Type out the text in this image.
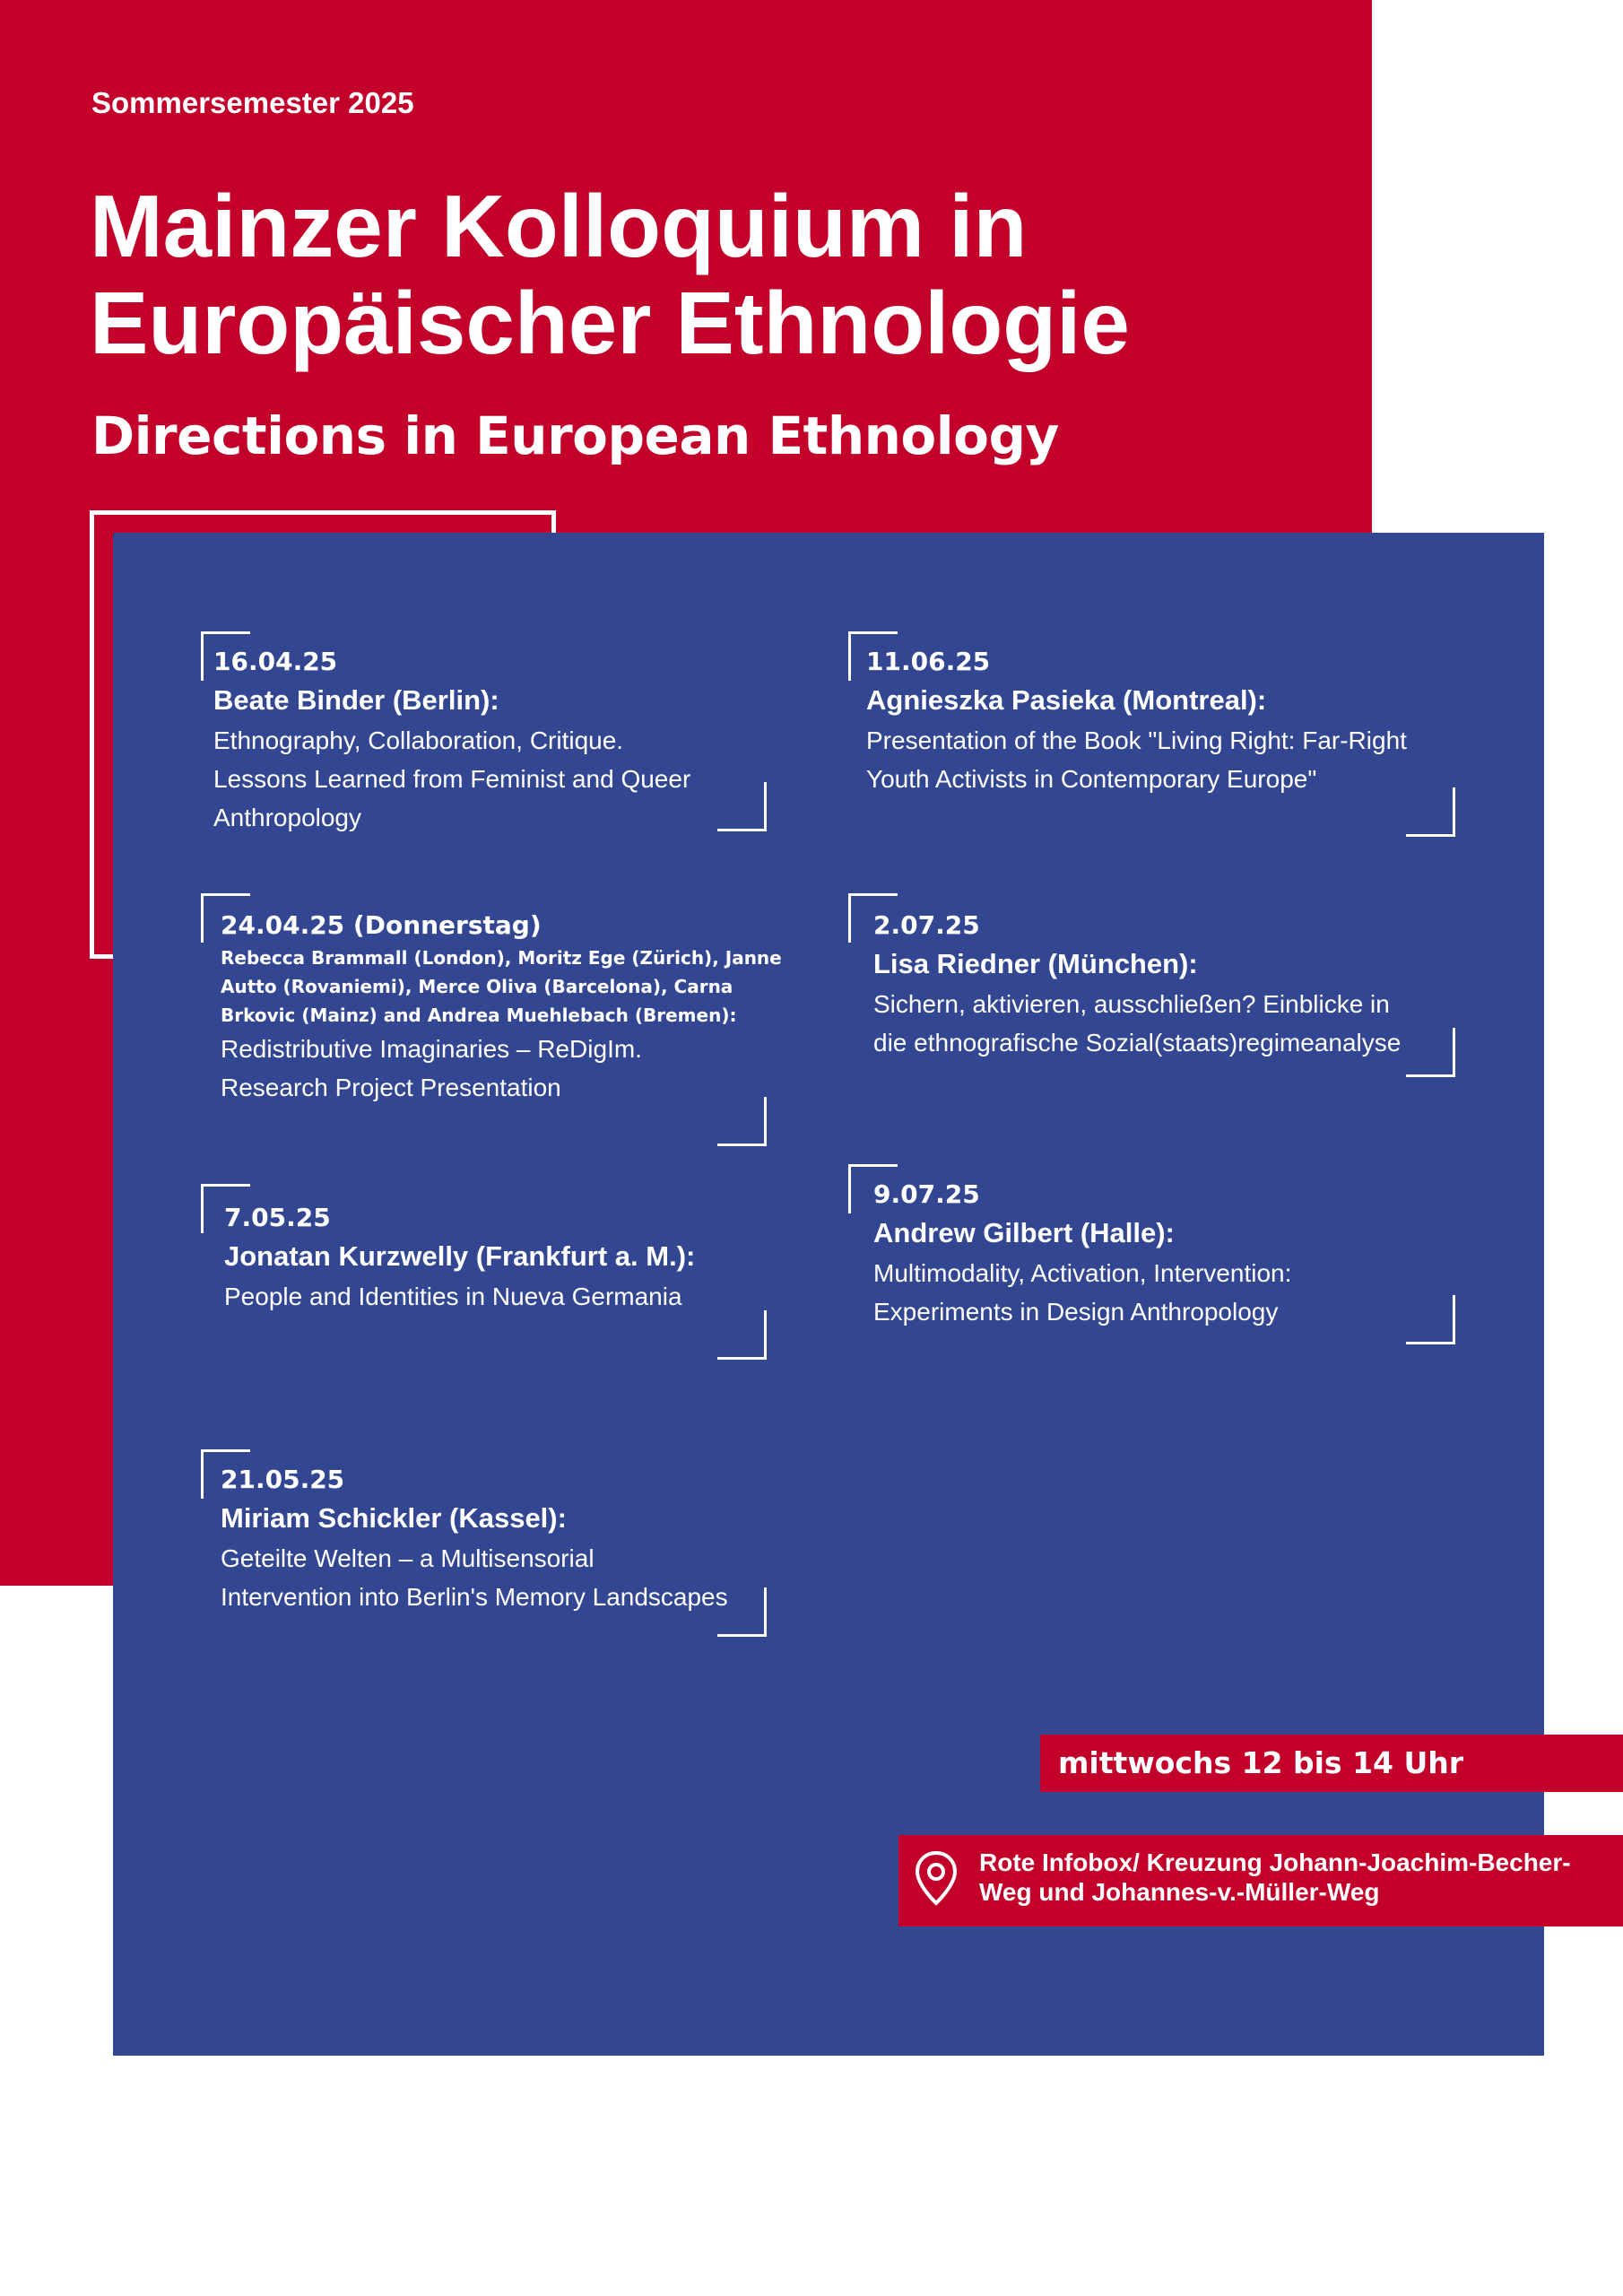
Sommersemester 2025
Mainzer Kolloquium in Europäischer Ethnologie
Directions in European Ethnology
16.04.25
Beate Binder (Berlin):
Ethnography, Collaboration, Critique.
Lessons Learned from Feminist and Queer
Anthropology
24.04.25 (Donnerstag)
Rebecca Brammall (London), Moritz Ege (Zürich), Janne
Autto (Rovaniemi), Merce Oliva (Barcelona), Carna
Brkovic (Mainz) and Andrea Muehlebach (Bremen):
Redistributive Imaginaries – ReDigIm.
Research Project Presentation
7.05.25
Jonatan Kurzwelly (Frankfurt a. M.):
People and Identities in Nueva Germania
21.05.25
Miriam Schickler (Kassel):
Geteilte Welten – a Multisensorial
Intervention into Berlin's Memory Landscapes
11.06.25
Agnieszka Pasieka (Montreal):
Presentation of the Book "Living Right: Far-Right
Youth Activists in Contemporary Europe"
2.07.25
Lisa Riedner (München):
Sichern, aktivieren, ausschließen? Einblicke in
die ethnografische Sozial(staats)regimeanalyse
9.07.25
Andrew Gilbert (Halle):
Multimodality, Activation, Intervention:
Experiments in Design Anthropology
mittwochs 12 bis 14 Uhr
Rote Infobox/ Kreuzung Johann-Joachim-Becher-
Weg und Johannes-v.-Müller-Weg
